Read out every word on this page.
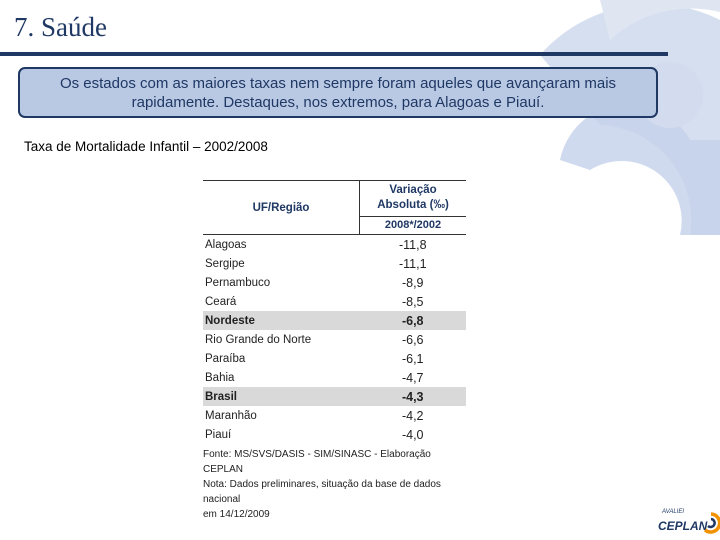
7. Saúde
Os estados com as maiores taxas nem sempre foram aqueles que avançaram mais rapidamente. Destaques, nos extremos, para Alagoas e Piauí.
Taxa de Mortalidade Infantil – 2002/2008
UF/Região	Variação
Absoluta (‰)
	2008*/2002
Alagoas	-11,8
Sergipe	-11,1
Pernambuco	-8,9
Ceará	-8,5
Nordeste	-6,8
Rio Grande do Norte	-6,6
Paraíba	-6,1
Bahia	-4,7
Brasil	-4,3
Maranhão	-4,2
Piauí	-4,0
Fonte: MS/SVS/DASIS - SIM/SINASC - Elaboração CEPLAN
Nota: Dados preliminares, situação da base de dados nacional
em 14/12/2009	AVALIEI
CEPLAN
